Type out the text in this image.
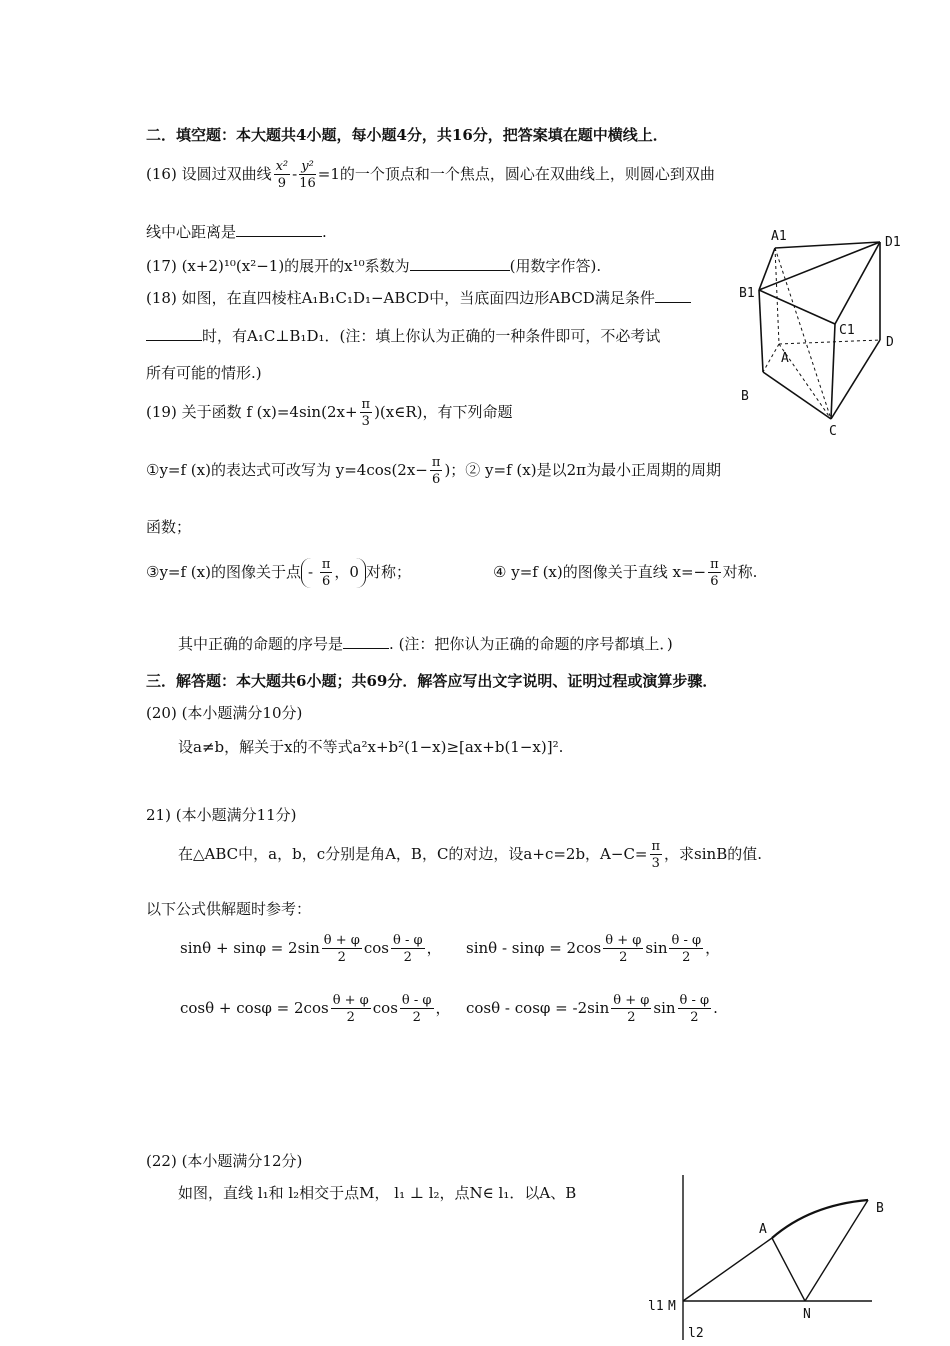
二．填空题：本大题共4小题，每小题4分，共16分，把答案填在题中横线上．
(16) 设圆过双曲线 $\frac{\text{x²}}{9} - \frac{\text{y²}}{16} =1$的一个顶点和一个焦点，圆心在双曲线上，则圆心到双曲
线中心距离是	.
(17) (x+2)¹⁰(x²−1)的展开的x¹⁰系数为	(用数字作答).
(18) 如图，在直四棱柱A₁B₁C₁D₁−ABCD中，当底面四边形ABCD满足条件
时，有A₁C⊥B₁D₁．(注：填上你认为正确的一种条件即可，不必考试
所有可能的情形.)
A1	D1
B1
C1
A
D
B
C
(19) 关于函数 f $(x)=4\sin(2x+ \frac{\pi}{3}$ )(x∈R)，有下列命题
①y=f (x)的表达式可改写为 $y=4\cos(2x- \frac{\pi}{6}$ )；② y=f (x)是以2π为最小正周期的周期
函数；
③y=f (x)的图像关于点 - $\frac{\pi}{6}$ ，0 对称；	④ y=f (x)的图像关于直线 $x=- \frac{\pi}{6}$ 对称.
其中正确的命题的序号是	. (注：把你认为正确的命题的序号都填上．)
三．解答题：本大题共6小题；共69分．解答应写出文字说明、证明过程或演算步骤．
(20) (本小题满分10分)
设a≠b，解关于x的不等式a²x+b²(1−x)≥[ax+b(1−x)]².
21) (本小题满分11分)
在△ABC中，a，b，c分别是角A，B，C的对边，设a+c=2b，$A-C= \frac{\pi}{3}$ ，求sinB的值.
以下公式供解题时参考：
$\sin\theta + \sin\varphi = 2\sin \frac{\theta + \varphi}{2}$ $\cos \frac{\theta - \varphi}{2}$ ， $\sin\theta - \sin\varphi = 2\cos \frac{\theta + \varphi}{2}$ $\sin \frac{\theta - \varphi}{2}$ ，
$\cos\theta + \cos\varphi = 2\cos \frac{\theta + \varphi}{2}$ $\cos \frac{\theta - \varphi}{2}$ ， $\cos\theta - \cos\varphi = -2\sin \frac{\theta + \varphi}{2}$ $\sin \frac{\theta - \varphi}{2}$ .
(22) (本小题满分12分)
如图，直线 l₁和 l₂相交于点M， l₁ ⊥ l₂，点N∈ l₁．以A、B
A
B
M
N
l1
l2
